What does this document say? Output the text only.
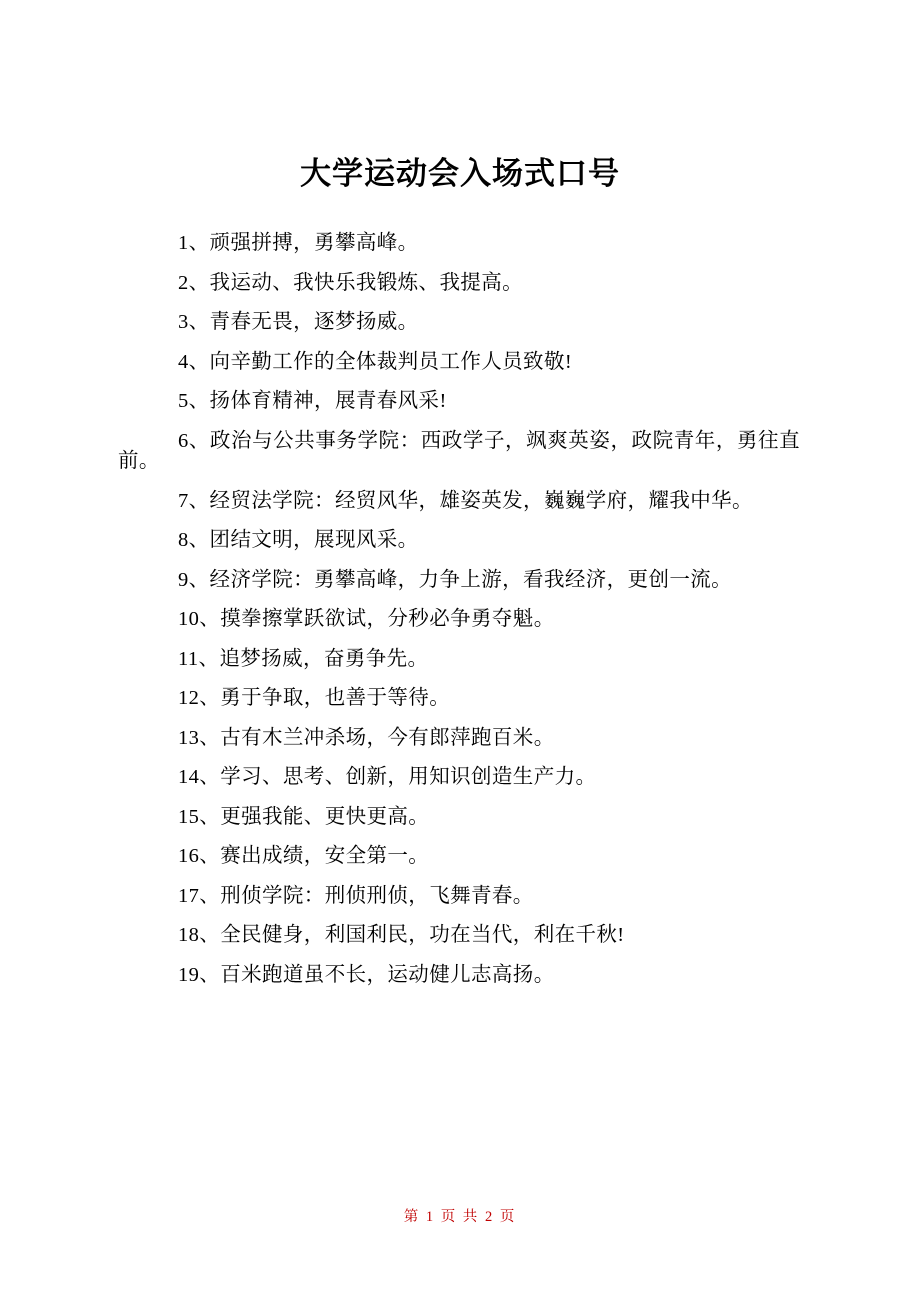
大学运动会入场式口号

1、顽强拼搏，勇攀高峰。

2、我运动、我快乐我锻炼、我提高。

3、青春无畏，逐梦扬威。

4、向辛勤工作的全体裁判员工作人员致敬!

5、扬体育精神，展青春风采!

6、政治与公共事务学院：西政学子，飒爽英姿，政院青年，勇往直前。

7、经贸法学院：经贸风华，雄姿英发，巍巍学府，耀我中华。

8、团结文明，展现风采。

9、经济学院：勇攀高峰，力争上游，看我经济，更创一流。

10、摸拳擦掌跃欲试，分秒必争勇夺魁。

11、追梦扬威，奋勇争先。

12、勇于争取，也善于等待。

13、古有木兰冲杀场，今有郎萍跑百米。

14、学习、思考、创新，用知识创造生产力。

15、更强我能、更快更高。

16、赛出成绩，安全第一。

17、刑侦学院：刑侦刑侦，飞舞青春。

18、全民健身，利国利民，功在当代，利在千秋!

19、百米跑道虽不长，运动健儿志高扬。

第 1 页 共 2 页
